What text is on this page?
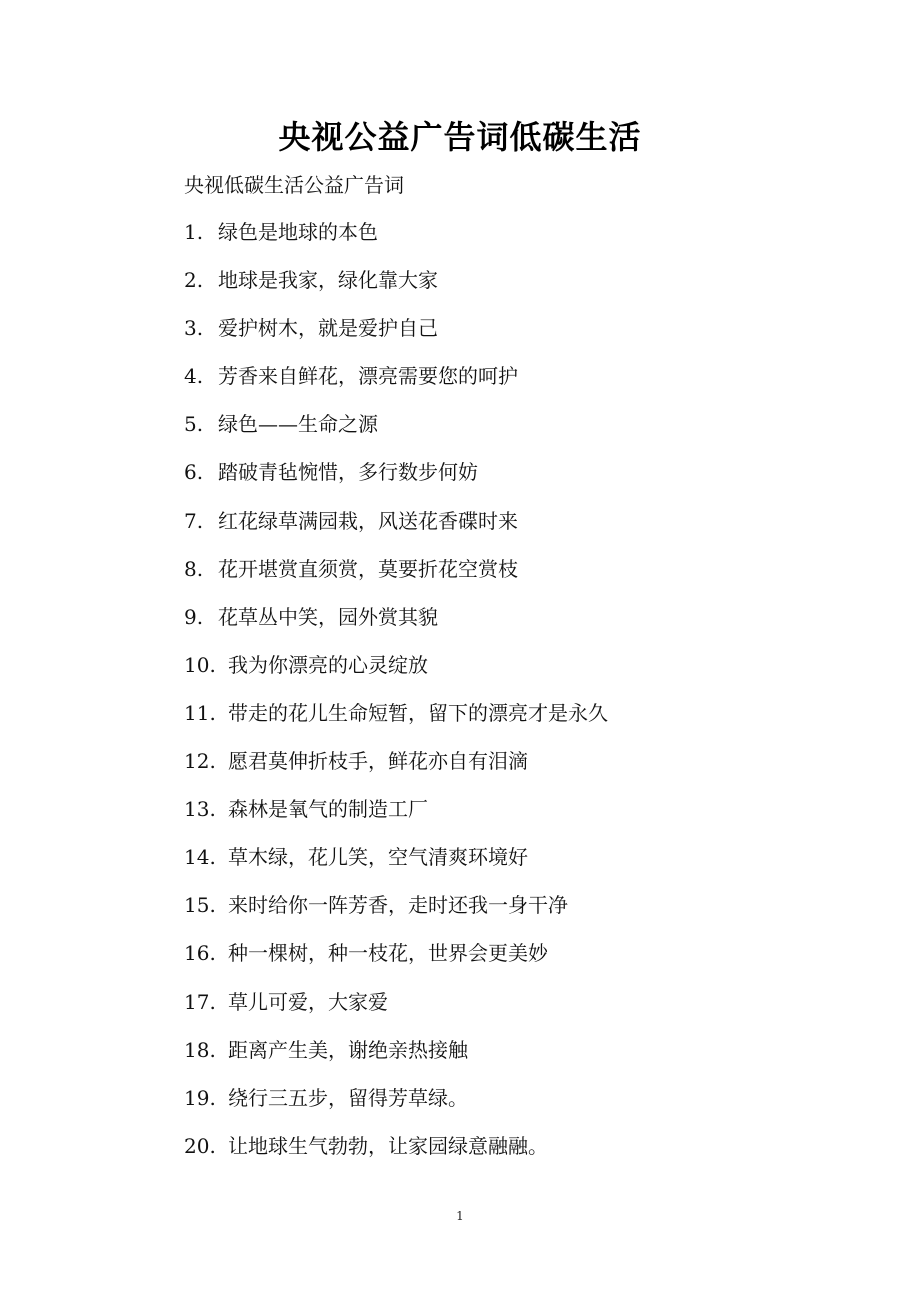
央视公益广告词低碳生活
央视低碳生活公益广告词
1. 绿色是地球的本色
2. 地球是我家，绿化靠大家
3. 爱护树木，就是爱护自己
4. 芳香来自鲜花，漂亮需要您的呵护
5. 绿色——生命之源
6. 踏破青毡惋惜，多行数步何妨
7. 红花绿草满园栽，风送花香碟时来
8. 花开堪赏直须赏，莫要折花空赏枝
9. 花草丛中笑，园外赏其貌
10. 我为你漂亮的心灵绽放
11. 带走的花儿生命短暂，留下的漂亮才是永久
12. 愿君莫伸折枝手，鲜花亦自有泪滴
13. 森林是氧气的制造工厂
14. 草木绿，花儿笑，空气清爽环境好
15. 来时给你一阵芳香，走时还我一身干净
16. 种一棵树，种一枝花，世界会更美妙
17. 草儿可爱，大家爱
18. 距离产生美，谢绝亲热接触
19. 绕行三五步，留得芳草绿。
20. 让地球生气勃勃，让家园绿意融融。
1
